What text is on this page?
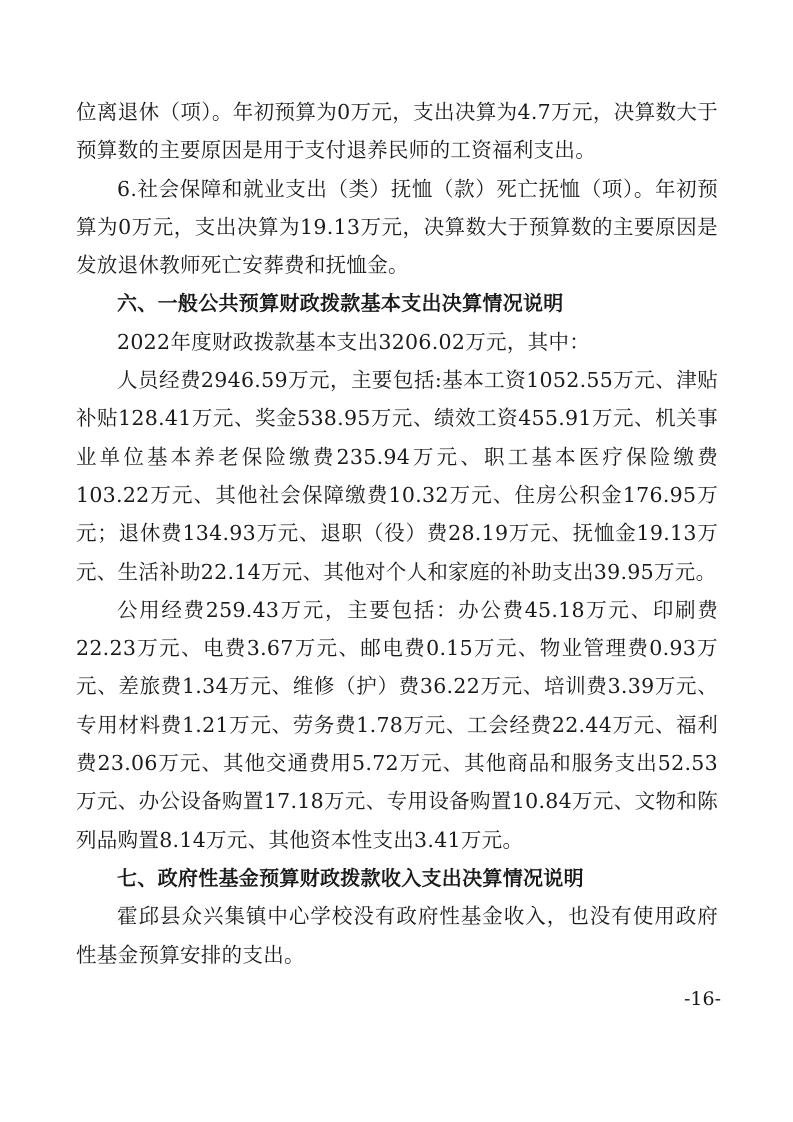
位离退休（项）。年初预算为0万元，支出决算为4.7万元，决算数大于预算数的主要原因是用于支付退养民师的工资福利支出。

6.社会保障和就业支出（类）抚恤（款）死亡抚恤（项）。年初预算为0万元，支出决算为19.13万元，决算数大于预算数的主要原因是发放退休教师死亡安葬费和抚恤金。

六、一般公共预算财政拨款基本支出决算情况说明

2022年度财政拨款基本支出3206.02万元，其中：

人员经费2946.59万元，主要包括:基本工资1052.55万元、津贴补贴128.41万元、奖金538.95万元、绩效工资455.91万元、机关事业单位基本养老保险缴费235.94万元、职工基本医疗保险缴费103.22万元、其他社会保障缴费10.32万元、住房公积金176.95万元；退休费134.93万元、退职（役）费28.19万元、抚恤金19.13万元、生活补助22.14万元、其他对个人和家庭的补助支出39.95万元。

公用经费259.43万元，主要包括：办公费45.18万元、印刷费22.23万元、电费3.67万元、邮电费0.15万元、物业管理费0.93万元、差旅费1.34万元、维修（护）费36.22万元、培训费3.39万元、专用材料费1.21万元、劳务费1.78万元、工会经费22.44万元、福利费23.06万元、其他交通费用5.72万元、其他商品和服务支出52.53万元、办公设备购置17.18万元、专用设备购置10.84万元、文物和陈列品购置8.14万元、其他资本性支出3.41万元。

七、政府性基金预算财政拨款收入支出决算情况说明

霍邱县众兴集镇中心学校没有政府性基金收入，也没有使用政府性基金预算安排的支出。

-16-
